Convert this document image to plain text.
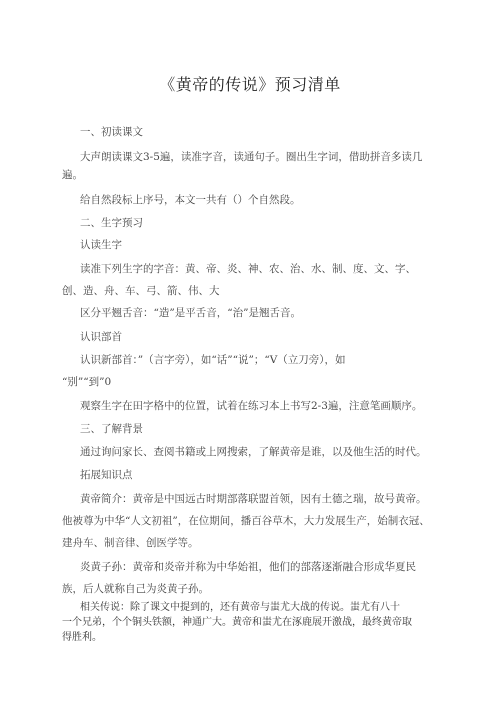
《黄帝的传说》预习清单
一、初读课文
大声朗读课文3-5遍，读准字音，读通句子。圈出生字词，借助拼音多读几
遍。
给自然段标上序号，本文一共有（）个自然段。
二、生字预习
认读生字
读准下列生字的字音：黄、帝、炎、神、农、治、水、制、度、文、字、
创、造、舟、车、弓、箭、伟、大
区分平翘舌音：“造”是平舌音，“治”是翘舌音。
认识部首
认识新部首：”（言字旁），如“话”“说”；“V（立刀旁），如
“别”“到”0
观察生字在田字格中的位置，试着在练习本上书写2-3遍，注意笔画顺序。
三、了解背景
通过询问家长、查阅书籍或上网搜索，了解黄帝是谁，以及他生活的时代。
拓展知识点
黄帝简介：黄帝是中国远古时期部落联盟首领，因有土德之瑞，故号黄帝。
他被尊为中华“人文初祖”，在位期间，播百谷草木，大力发展生产，始制衣冠、
建舟车、制音律、创医学等。
炎黄子孙：黄帝和炎帝并称为中华始祖，他们的部落逐渐融合形成华夏民
族，后人就称自己为炎黄子孙。
相关传说：除了课文中提到的，还有黄帝与蚩尤大战的传说。蚩尤有八十
一个兄弟，个个铜头铁额，神通广大。黄帝和蚩尤在涿鹿展开激战，最终黄帝取
得胜利。
